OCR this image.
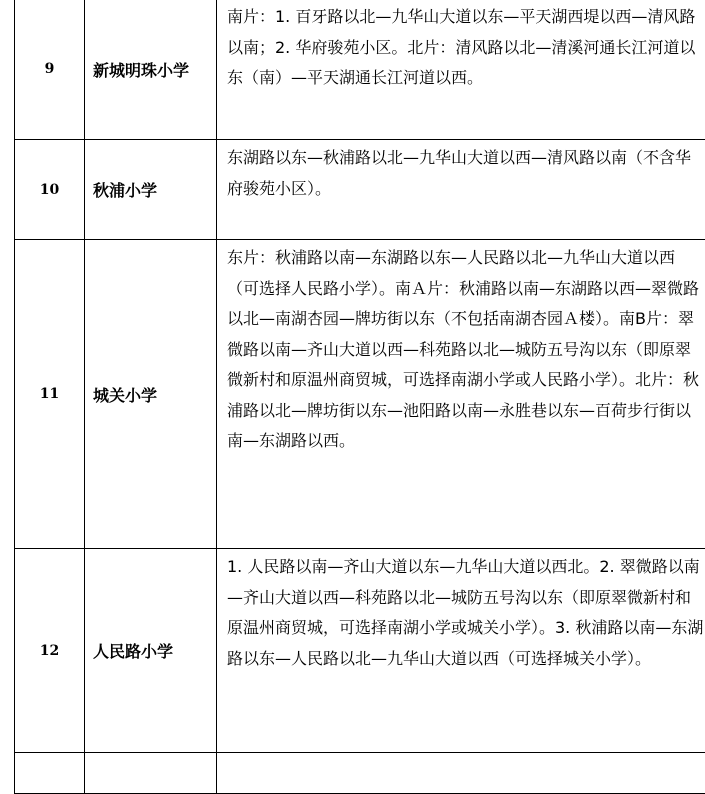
9	新城明珠小学	南片：1. 百牙路以北—九华山大道以东—平天湖西堤以西—清风路以南；2. 华府骏苑小区。北片：清风路以北—清溪河通长江河道以东（南）—平天湖通长江河道以西。
10	秋浦小学	东湖路以东—秋浦路以北—九华山大道以西—清风路以南（不含华府骏苑小区）。
11	城关小学	东片：秋浦路以南—东湖路以东—人民路以北—九华山大道以西（可选择人民路小学）。南Ａ片：秋浦路以南—东湖路以西—翠微路以北—南湖杏园—牌坊街以东（不包括南湖杏园Ａ楼）。南B片：翠微路以南—齐山大道以西—科苑路以北—城防五号沟以东（即原翠微新村和原温州商贸城，可选择南湖小学或人民路小学）。北片：秋浦路以北—牌坊街以东—池阳路以南—永胜巷以东—百荷步行街以南—东湖路以西。
12	人民路小学	1. 人民路以南—齐山大道以东—九华山大道以西北。2. 翠微路以南—齐山大道以西—科苑路以北—城防五号沟以东（即原翠微新村和原温州商贸城，可选择南湖小学或城关小学）。3. 秋浦路以南—东湖路以东—人民路以北—九华山大道以西（可选择城关小学）。
